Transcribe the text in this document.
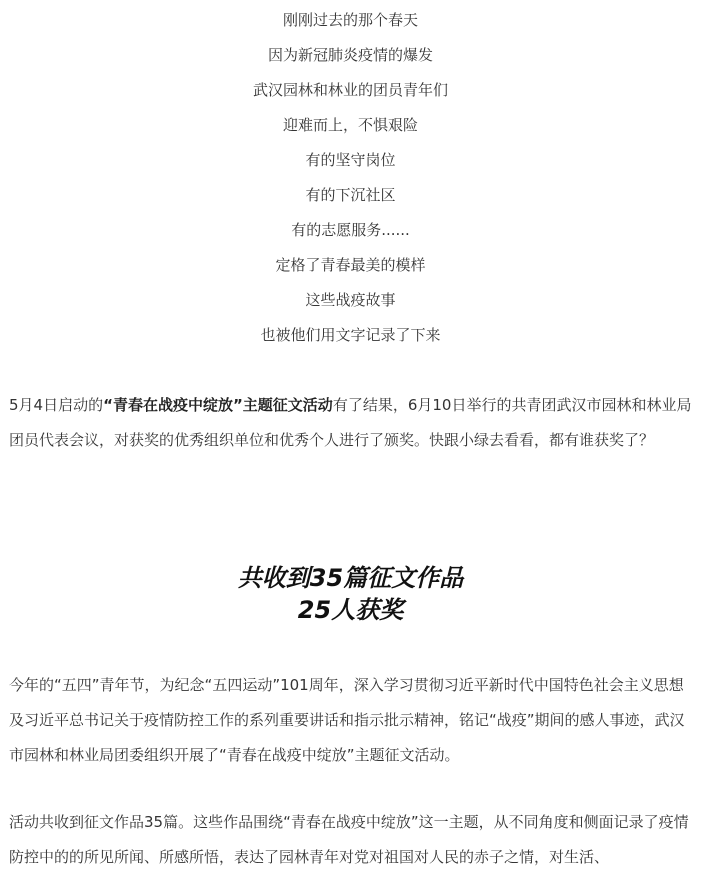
刚刚过去的那个春天
因为新冠肺炎疫情的爆发
武汉园林和林业的团员青年们
迎难而上，不惧艰险
有的坚守岗位
有的下沉社区
有的志愿服务......
定格了青春最美的模样
这些战疫故事
也被他们用文字记录了下来

5月4日启动的“青春在战疫中绽放”主题征文活动有了结果，6月10日举行的共青团武汉市园林和林业局团员代表会议，对获奖的优秀组织单位和优秀个人进行了颁奖。快跟小绿去看看，都有谁获奖了？

共收到35篇征文作品
25人获奖

今年的“五四”青年节，为纪念“五四运动”101周年，深入学习贯彻习近平新时代中国特色社会主义思想及习近平总书记关于疫情防控工作的系列重要讲话和指示批示精神，铭记“战疫”期间的感人事迹，武汉市园林和林业局团委组织开展了“青春在战疫中绽放”主题征文活动。

活动共收到征文作品35篇。这些作品围绕“青春在战疫中绽放”这一主题，从不同角度和侧面记录了疫情防控中的的所见所闻、所感所悟，表达了园林青年对党对祖国对人民的赤子之情，对生活、
